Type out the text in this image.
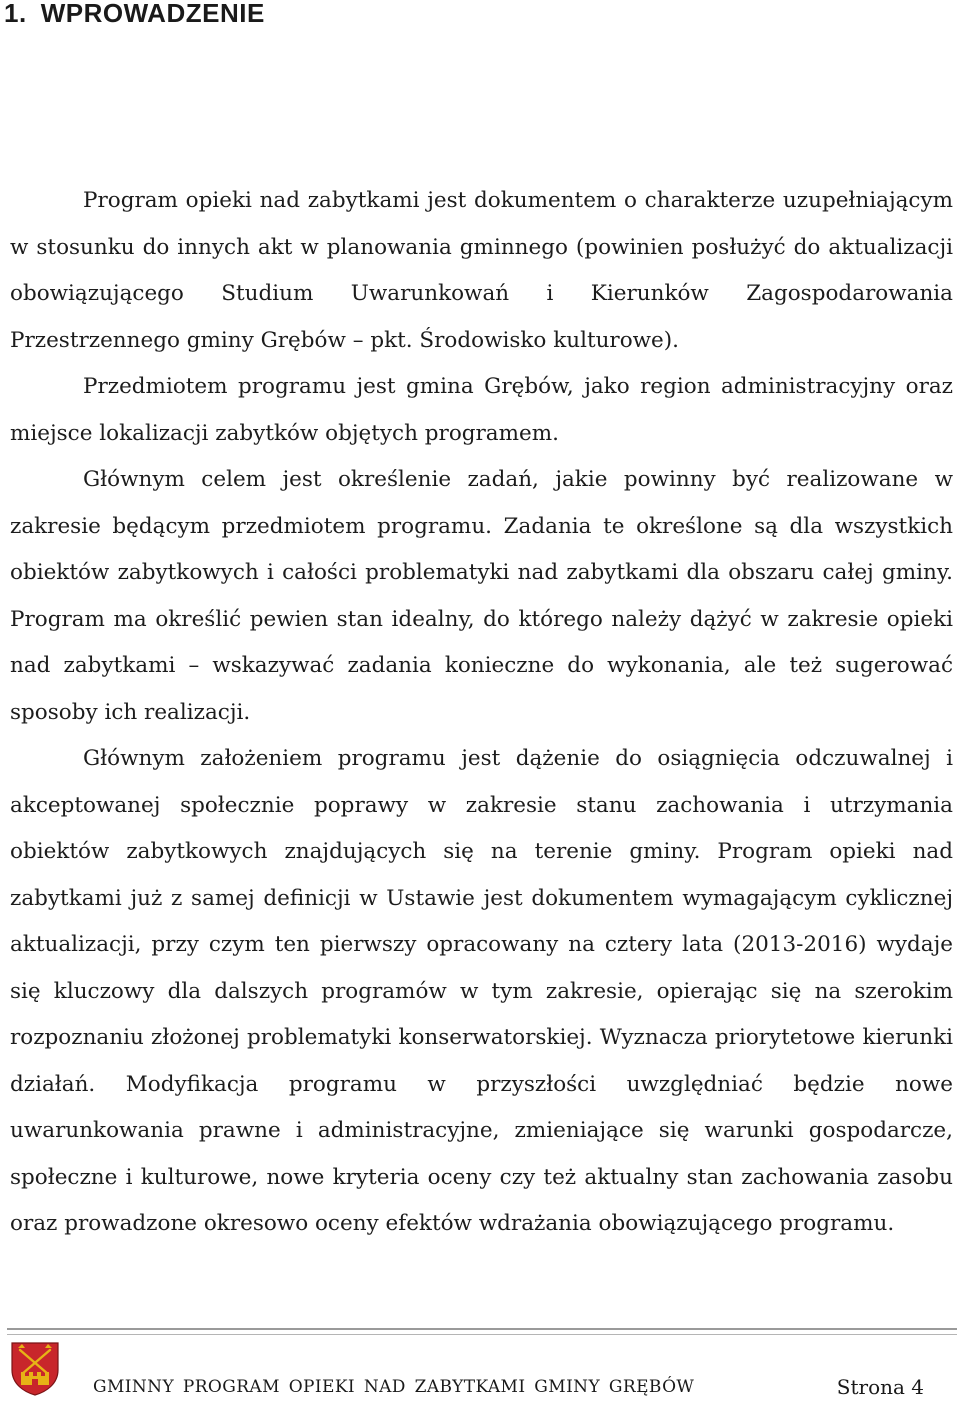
1. WPROWADZENIE

Program opieki nad zabytkami jest dokumentem o charakterze uzupełniającym w stosunku do innych akt w planowania gminnego (powinien posłużyć do aktualizacji obowiązującego Studium Uwarunkowań i Kierunków Zagospodarowania Przestrzennego gminy Grębów – pkt. Środowisko kulturowe).

Przedmiotem programu jest gmina Grębów, jako region administracyjny oraz miejsce lokalizacji zabytków objętych programem.

Głównym celem jest określenie zadań, jakie powinny być realizowane w zakresie będącym przedmiotem programu. Zadania te określone są dla wszystkich obiektów zabytkowych i całości problematyki nad zabytkami dla obszaru całej gminy. Program ma określić pewien stan idealny, do którego należy dążyć w zakresie opieki nad zabytkami – wskazywać zadania konieczne do wykonania, ale też sugerować sposoby ich realizacji.

Głównym założeniem programu jest dążenie do osiągnięcia odczuwalnej i akceptowanej społecznie poprawy w zakresie stanu zachowania i utrzymania obiektów zabytkowych znajdujących się na terenie gminy. Program opieki nad zabytkami już z samej definicji w Ustawie jest dokumentem wymagającym cyklicznej aktualizacji, przy czym ten pierwszy opracowany na cztery lata (2013-2016) wydaje się kluczowy dla dalszych programów w tym zakresie, opierając się na szerokim rozpoznaniu złożonej problematyki konserwatorskiej. Wyznacza priorytetowe kierunki działań. Modyfikacja programu w przyszłości uwzględniać będzie nowe uwarunkowania prawne i administracyjne, zmieniające się warunki gospodarcze, społeczne i kulturowe, nowe kryteria oceny czy też aktualny stan zachowania zasobu oraz prowadzone okresowo oceny efektów wdrażania obowiązującego programu.

GMINNY PROGRAM OPIEKI NAD ZABYTKAMI GMINY GRĘBÓW	Strona 4
